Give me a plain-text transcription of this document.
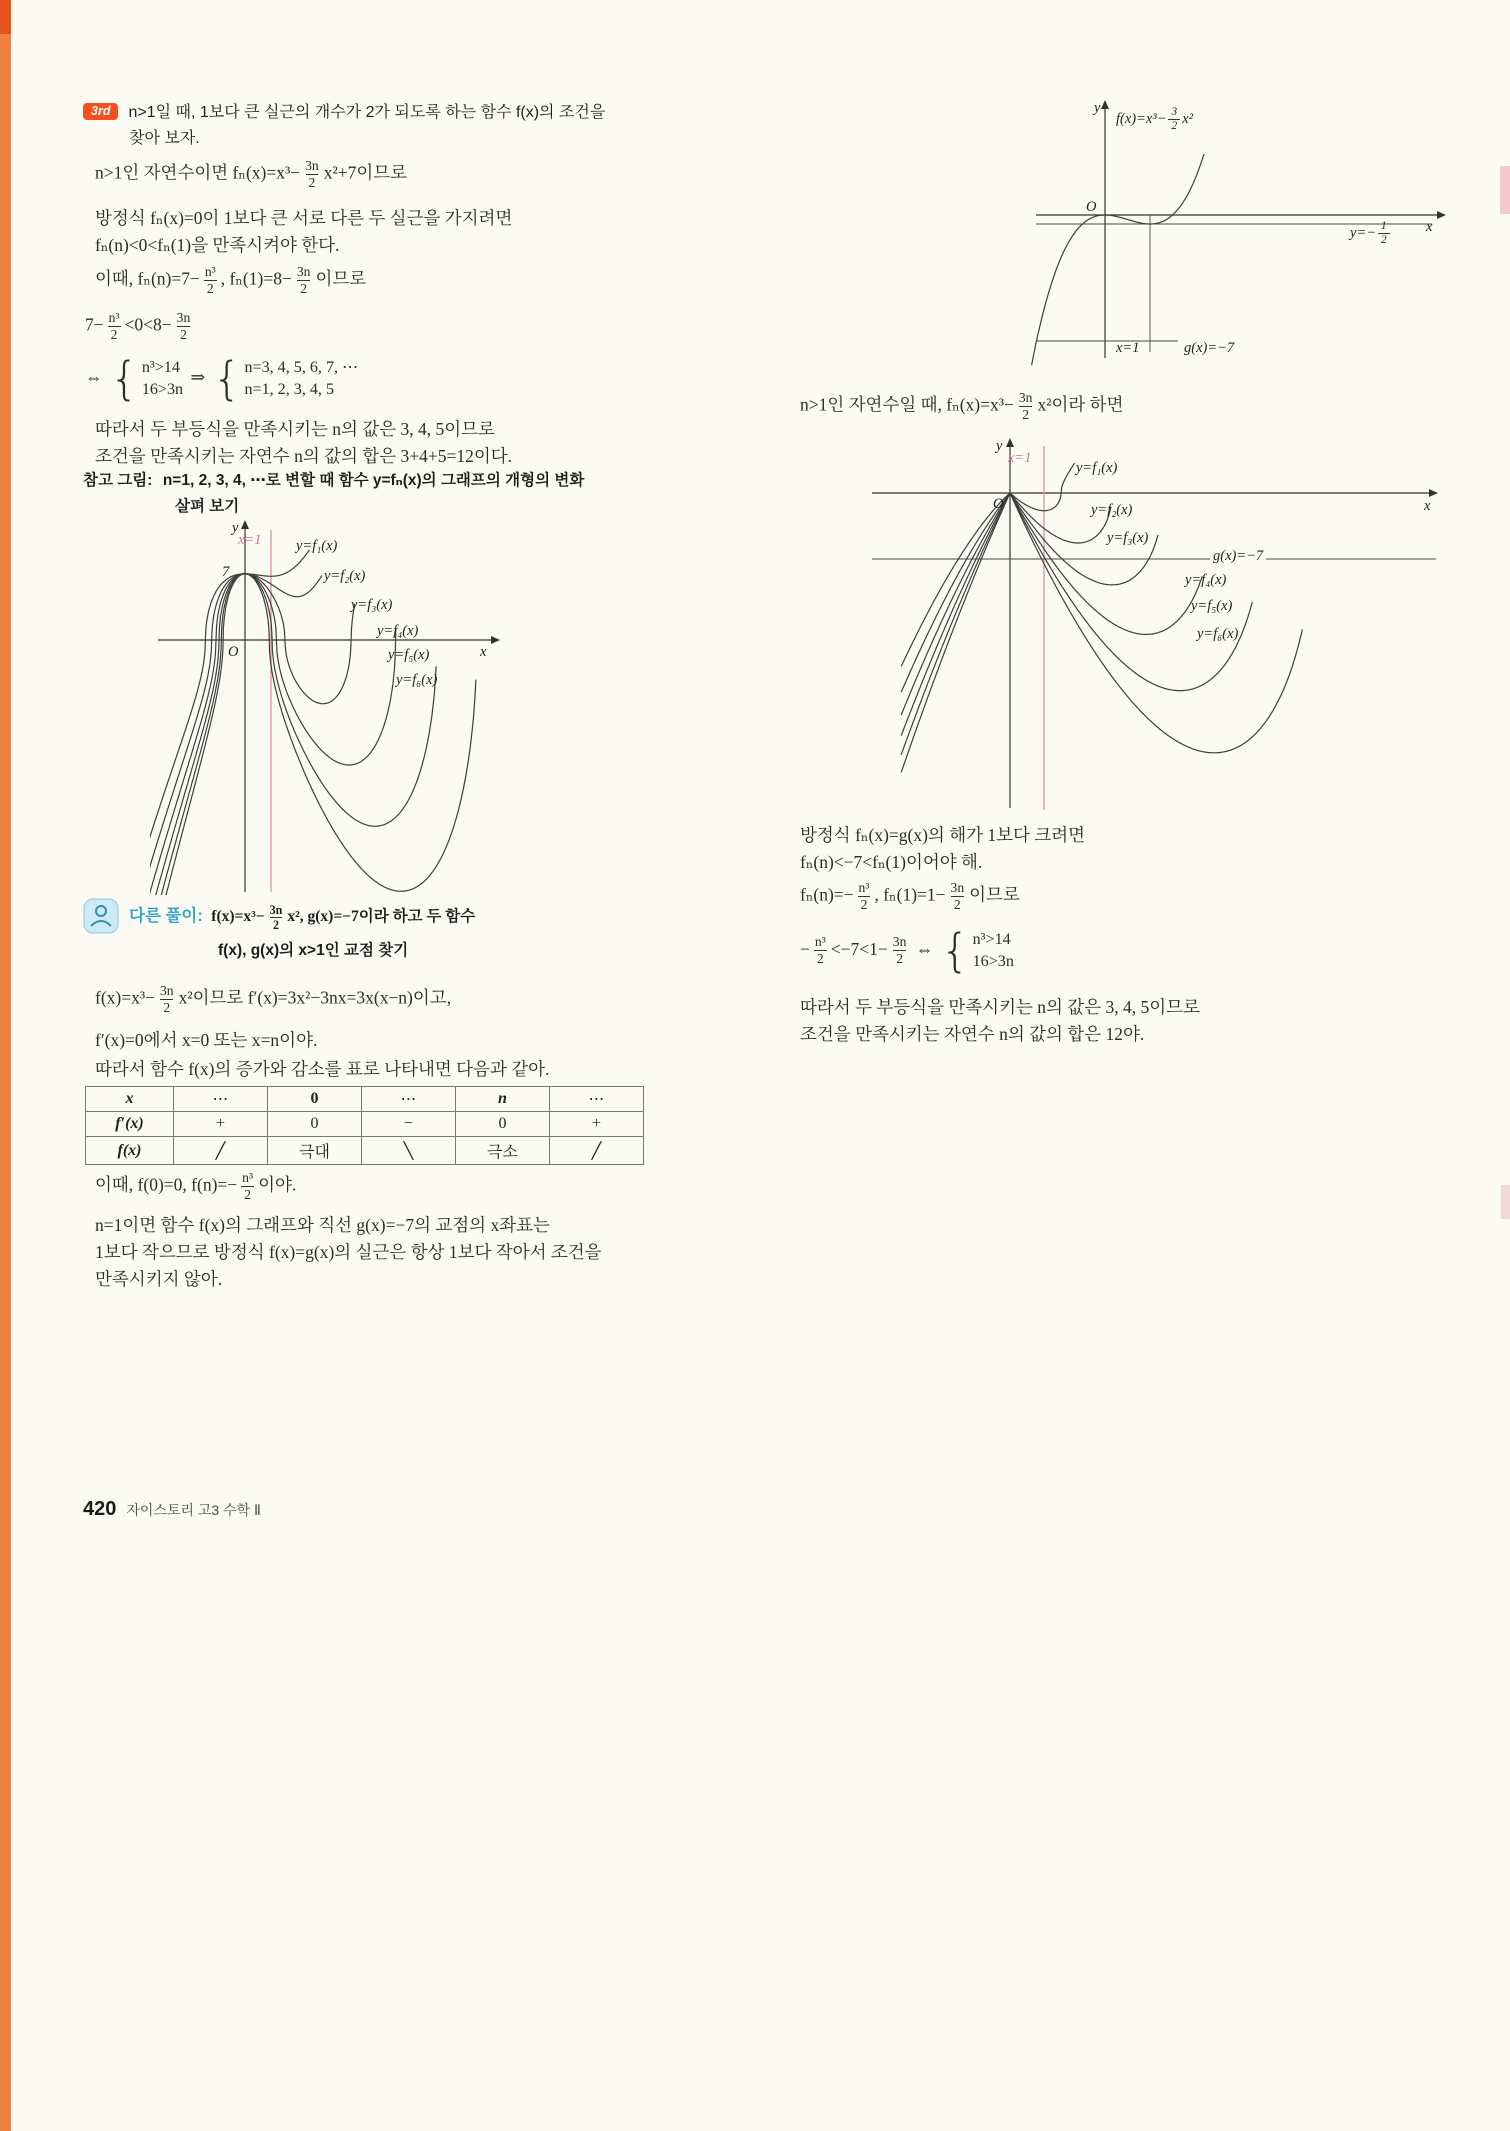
3rd n>1일 때, 1보다 큰 실근의 개수가 2가 되도록 하는 함수 f(x)의 조건을
찾아 보자.
n>1인 자연수이면 $f_n(x)=x^3- \frac{3n}{2} x^2+7$이므로
방정식 fₙ(x)=0이 1보다 큰 서로 다른 두 실근을 가지려면
fₙ(n)<0<fₙ(1)을 만족시켜야 한다.
이때, $f_n(n)=7- \frac{\text{n³}}{2}$ , $f_n(1)=8- \frac{3n}{2}$ 이므로
$7- \frac{\text{n³}}{2} <0<8- \frac{3n}{2}$
⇔ { n³>14
16>3n
⇒ { n=3, 4, 5, 6, 7, ⋯
n=1, 2, 3, 4, 5
따라서 두 부등식을 만족시키는 n의 값은 3, 4, 5이므로
조건을 만족시키는 자연수 n의 값의 합은 3+4+5=12이다.
참고 그림: n=1, 2, 3, 4, ⋯로 변할 때 함수 y=fₙ(x)의 그래프의 개형의 변화
살펴 보기
y
x=1 y=f₁(x)
y=f₂(x)
y=f₃(x)
y=f₄(x)
y=f₅(x)
y=f₆(x)
7
O	x
다른 풀이: $f(x)=x^3- \frac{3n}{2} x^2$, g(x)=−7이라 하고 두 함수
f(x), g(x)의 x>1인 교점 찾기
$f(x)=x^3- \frac{3n}{2} x^2$이므로 f′(x)=3x²−3nx=3x(x−n)이고,
f′(x)=0에서 x=0 또는 x=n이야.
따라서 함수 f(x)의 증가와 감소를 표로 나타내면 다음과 같아.
x	⋯	0	⋯	n	⋯
f′(x)	+	0	−	0	+
f(x)	╱	극대	╲	극소	╱
이때, f(0)=0, $f(n)=- \frac{\text{n³}}{2}$ 이야.
n=1이면 함수 f(x)의 그래프와 직선 g(x)=−7의 교점의 x좌표는
1보다 작으므로 방정식 f(x)=g(x)의 실근은 항상 1보다 작아서 조건을
만족시키지 않아.
y
$f(x)=x^3- \frac{3}{2} x^2$
O
x
$y=- \frac{1}{2}$
x=1	g(x)=−7
n>1인 자연수일 때, $f_n(x)=x^3- \frac{3n}{2} x^2$이라 하면
y
x=1
y=f₁(x)
y=f₂(x)
y=f₃(x)
g(x)=−7
y=f₄(x)
y=f₅(x)
y=f₆(x)
O	x
방정식 fₙ(x)=g(x)의 해가 1보다 크려면
fₙ(n)<−7<fₙ(1)이어야 해.
$f_n(n)=- \frac{\text{n³}}{2}$ , $f_n(1)=1- \frac{3n}{2}$ 이므로
− $\frac{\text{n³}}{2} <-7<1- \frac{3n}{2}$ ⇔ { n³>14
16>3n
따라서 두 부등식을 만족시키는 n의 값은 3, 4, 5이므로
조건을 만족시키는 자연수 n의 값의 합은 12야.
420 자이스토리 고3 수학 Ⅱ
